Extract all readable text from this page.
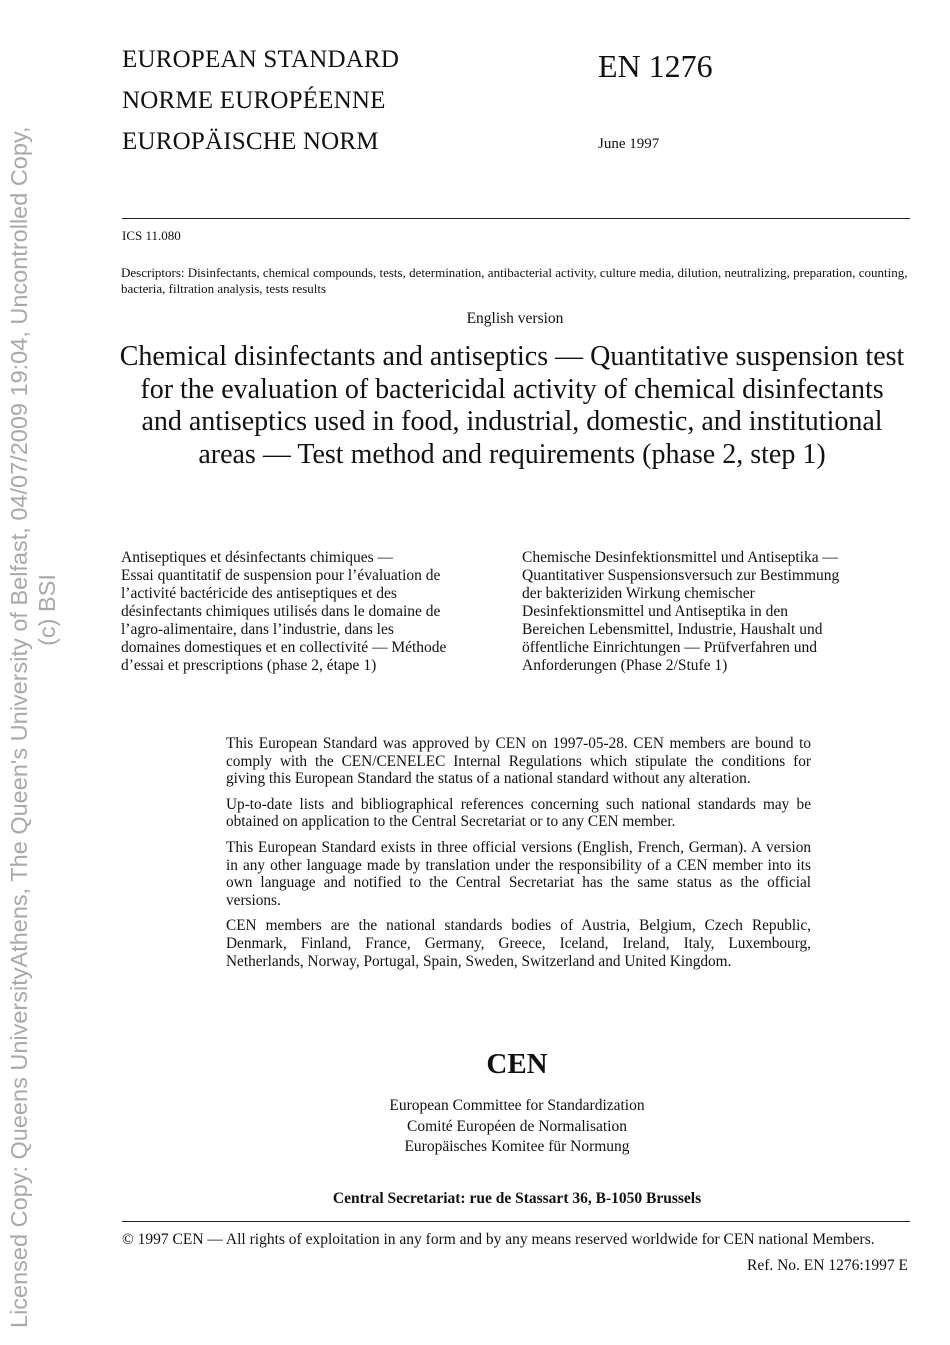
Licensed Copy: Queens UniversityAthens, The Queen's University of Belfast, 04/07/2009 19:04, Uncontrolled Copy, (c) BSI
EUROPEAN STANDARD
NORME EUROPÉENNE
EUROPÄISCHE NORM
EN 1276
June 1997
ICS 11.080
Descriptors: Disinfectants, chemical compounds, tests, determination, antibacterial activity, culture media, dilution, neutralizing, preparation, counting, bacteria, filtration analysis, tests results
English version
Chemical disinfectants and antiseptics — Quantitative suspension test for the evaluation of bactericidal activity of chemical disinfectants and antiseptics used in food, industrial, domestic, and institutional areas — Test method and requirements (phase 2, step 1)
Antiseptiques et désinfectants chimiques —
Essai quantitatif de suspension pour l’évaluation de
l’activité bactéricide des antiseptiques et des
désinfectants chimiques utilisés dans le domaine de
l’agro-alimentaire, dans l’industrie, dans les
domaines domestiques et en collectivité — Méthode
d’essai et prescriptions (phase 2, étape 1)
Chemische Desinfektionsmittel und Antiseptika —
Quantitativer Suspensionsversuch zur Bestimmung
der bakteriziden Wirkung chemischer
Desinfektionsmittel und Antiseptika in den
Bereichen Lebensmittel, Industrie, Haushalt und
öffentliche Einrichtungen — Prüfverfahren und
Anforderungen (Phase 2/Stufe 1)

This European Standard was approved by CEN on 1997-05-28. CEN members are bound to comply with the CEN/CENELEC Internal Regulations which stipulate the conditions for giving this European Standard the status of a national standard without any alteration.

Up-to-date lists and bibliographical references concerning such national standards may be obtained on application to the Central Secretariat or to any CEN member.

This European Standard exists in three official versions (English, French, German). A version in any other language made by translation under the responsibility of a CEN member into its own language and notified to the Central Secretariat has the same status as the official versions.

CEN members are the national standards bodies of Austria, Belgium, Czech Republic, Denmark, Finland, France, Germany, Greece, Iceland, Ireland, Italy, Luxembourg, Netherlands, Norway, Portugal, Spain, Sweden, Switzerland and United Kingdom.

CEN
European Committee for Standardization
Comité Européen de Normalisation
Europäisches Komitee für Normung
Central Secretariat: rue de Stassart 36, B-1050 Brussels
© 1997 CEN — All rights of exploitation in any form and by any means reserved worldwide for CEN national Members.
Ref. No. EN 1276:1997 E
